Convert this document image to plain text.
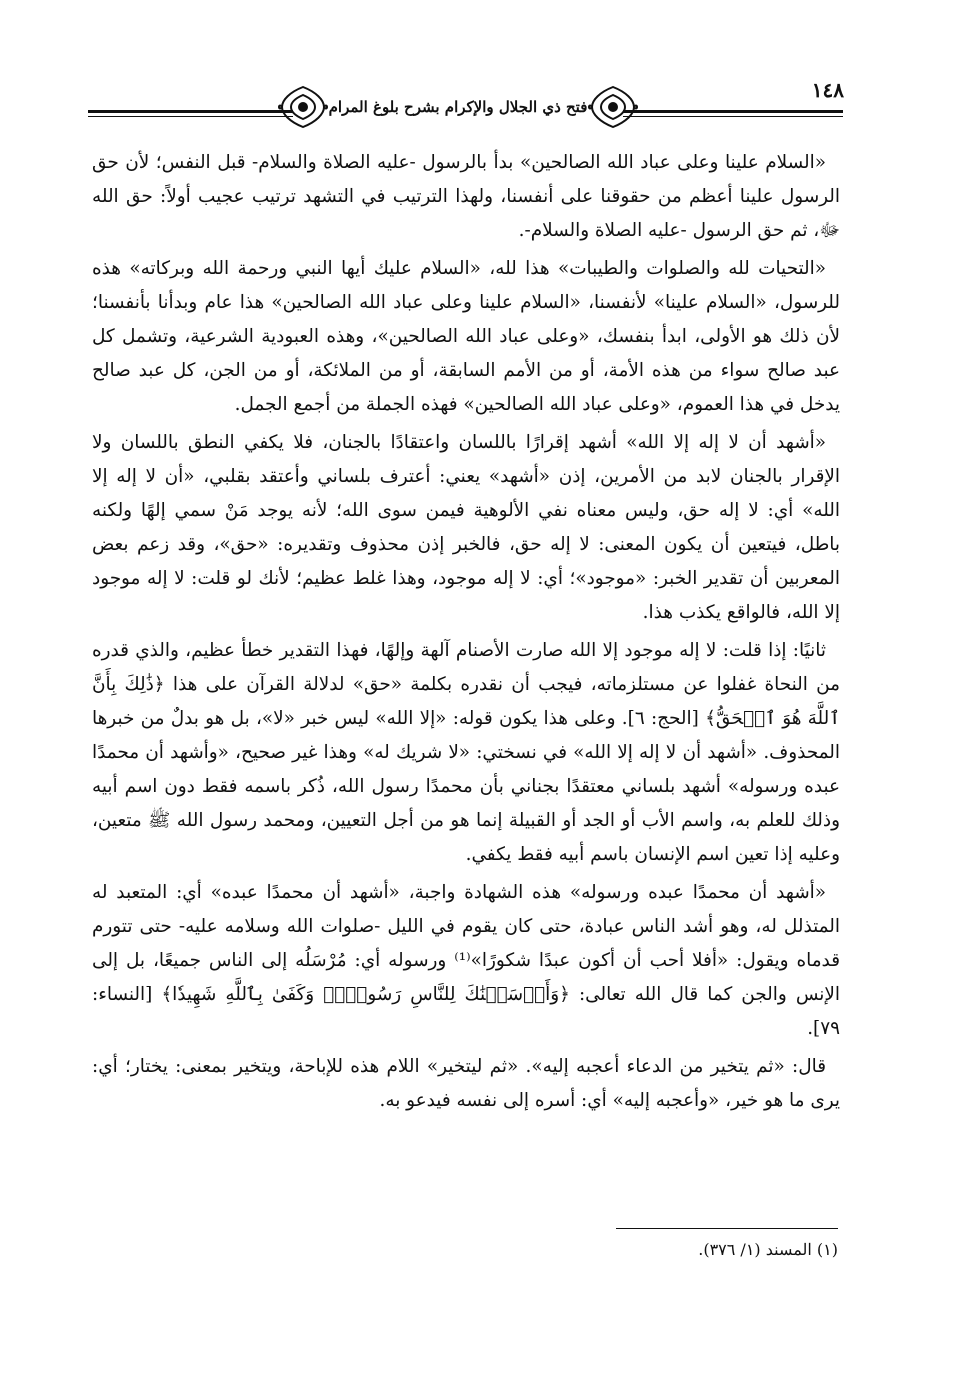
فتح ذي الجلال والإكرام بشرح بلوغ المرام
١٤٨

«السلام علينا وعلى عباد الله الصالحين» بدأ بالرسول -عليه الصلاة والسلام- قبل النفس؛ لأن حق الرسول علينا أعظم من حقوقنا على أنفسنا، ولهذا الترتيب في التشهد ترتيب عجيب أولاً: حق الله ﷻ، ثم حق الرسول -عليه الصلاة والسلام-.

«التحيات لله والصلوات والطيبات» هذا لله، «السلام عليك أيها النبي ورحمة الله وبركاته» هذه للرسول، «السلام علينا» لأنفسنا، «السلام علينا وعلى عباد الله الصالحين» هذا عام وبدأنا بأنفسنا؛ لأن ذلك هو الأولى، ابدأ بنفسك، «وعلى عباد الله الصالحين»، وهذه العبودية الشرعية، وتشمل كل عبد صالح سواء من هذه الأمة، أو من الأمم السابقة، أو من الملائكة، أو من الجن، كل عبد صالح يدخل في هذا العموم، «وعلى عباد الله الصالحين» فهذه الجملة من أجمع الجمل.

«أشهد أن لا إله إلا الله» أشهد إقرارًا باللسان واعتقادًا بالجنان، فلا يكفي النطق باللسان ولا الإقرار بالجنان لابد من الأمرين، إذن «أشهد» يعني: أعترف بلساني وأعتقد بقلبي، «أن لا إله إلا الله» أي: لا إله حق، وليس معناه نفي الألوهية فيمن سوى الله؛ لأنه يوجد مَنْ سمي إلهًا ولكنه باطل، فيتعين أن يكون المعنى: لا إله حق، فالخبر إذن محذوف وتقديره: «حق»، وقد زعم بعض المعربين أن تقدير الخبر: «موجود»؛ أي: لا إله موجود، وهذا غلط عظيم؛ لأنك لو قلت: لا إله موجود إلا الله، فالواقع يكذب هذا.

ثانيًا: إذا قلت: لا إله موجود إلا الله صارت الأصنام آلهة وإلهًا، فهذا التقدير خطأ عظيم، والذي قدره من النحاة غفلوا عن مستلزماته، فيجب أن نقدره بكلمة «حق» لدلالة القرآن على هذا ﴿ذَٰلِكَ بِأَنَّ ٱللَّهَ هُوَ ٱلۡحَقُّ﴾ [الحج: ٦]. وعلى هذا يكون قوله: «إلا الله» ليس خبر «لا»، بل هو بدلٌ من خبرها المحذوف. «أشهد أن لا إله إلا الله» في نسختي: «لا شريك له» وهذا غير صحيح، «وأشهد أن محمدًا عبده ورسوله» أشهد بلساني معتقدًا بجناني بأن محمدًا رسول الله، ذُكر باسمه فقط دون اسم أبيه وذلك للعلم به، واسم الأب أو الجد أو القبيلة إنما هو من أجل التعيين، ومحمد رسول الله ﷺ متعين، وعليه إذا تعين اسم الإنسان باسم أبيه فقط يكفي.

«أشهد أن محمدًا عبده ورسوله» هذه الشهادة واجبة، «أشهد أن محمدًا عبده» أي: المتعبد له المتذلل له، وهو أشد الناس عبادة، حتى كان يقوم في الليل -صلوات الله وسلامه عليه- حتى تتورم قدماه ويقول: «أفلا أحب أن أكون عبدًا شكورًا»⁽¹⁾ ورسوله أي: مُرْسَلُه إلى الناس جميعًا، بل إلى الإنس والجن كما قال الله تعالى: ﴿وَأَرۡسَلۡنَٰكَ لِلنَّاسِ رَسُولٗاۚ وَكَفَىٰ بِٱللَّهِ شَهِيدٗا﴾ [النساء: ٧٩].

قال: «ثم يتخير من الدعاء أعجبه إليه». «ثم ليتخير» اللام هذه للإباحة، ويتخير بمعنى: يختار؛ أي: يرى ما هو خير، «وأعجبه إليه» أي: أسره إلى نفسه فيدعو به.

(١) المسند (١/ ٣٧٦).
